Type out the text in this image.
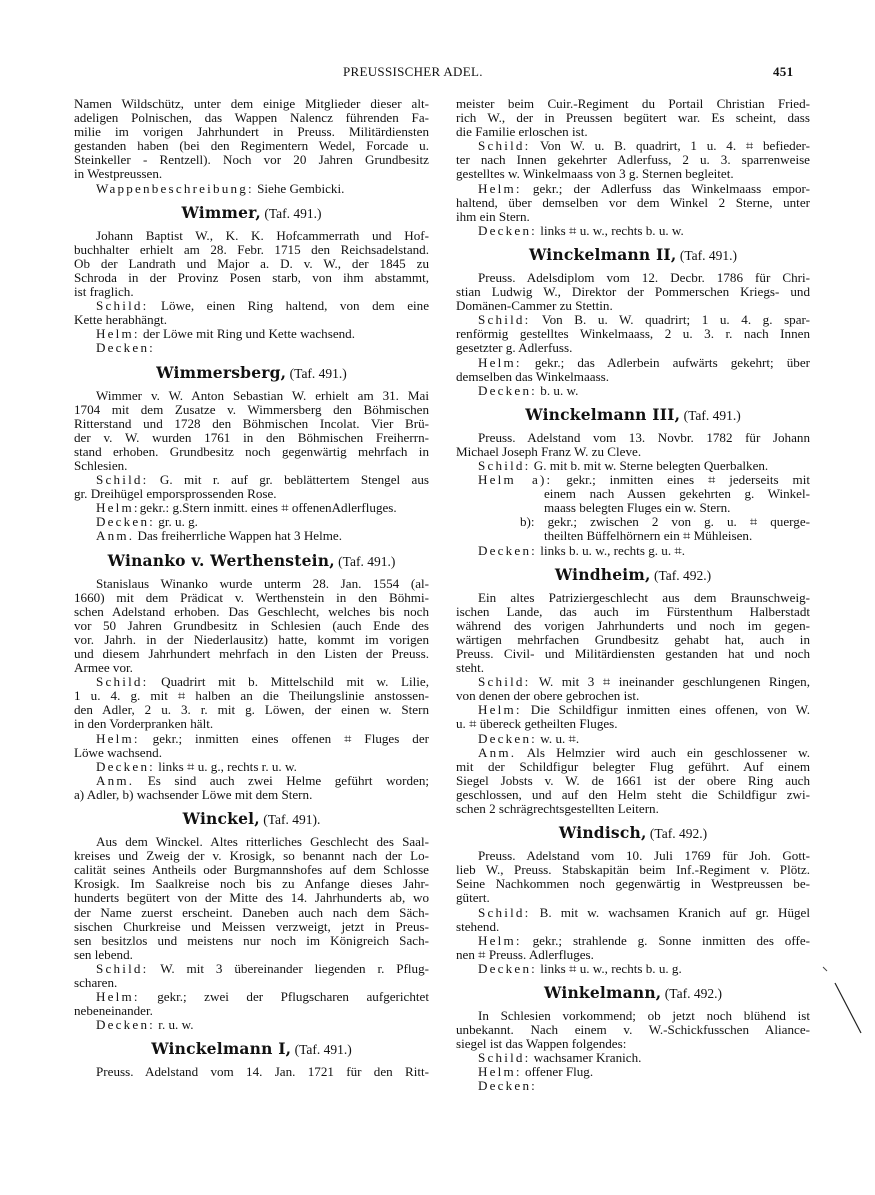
PREUSSISCHER ADEL.	451
Namen Wildschütz, unter dem einige Mitglieder dieser alt-
adeligen Polnischen, das Wappen Nalencz führenden Fa-
milie im vorigen Jahrhundert in Preuss. Militärdiensten
gestanden haben (bei den Regimentern Wedel, Forcade u.
Steinkeller - Rentzell). Noch vor 20 Jahren Grundbesitz
in Westpreussen.
Wappenbeschreibung: Siehe Gembicki.
Wimmer, (Taf. 491.)
Johann Baptist W., K. K. Hofcammerrath und Hof-
buchhalter erhielt am 28. Febr. 1715 den Reichsadelstand.
Ob der Landrath und Major a. D. v. W., der 1845 zu
Schroda in der Provinz Posen starb, von ihm abstammt,
ist fraglich.
Schild: Löwe, einen Ring haltend, von dem eine
Kette herabhängt.
Helm: der Löwe mit Ring und Kette wachsend.
Decken:
Wimmersberg, (Taf. 491.)
Wimmer v. W. Anton Sebastian W. erhielt am 31. Mai
1704 mit dem Zusatze v. Wimmersberg den Böhmischen
Ritterstand und 1728 den Böhmischen Incolat. Vier Brü-
der v. W. wurden 1761 in den Böhmischen Freiherrn-
stand erhoben. Grundbesitz noch gegenwärtig mehrfach in
Schlesien.
Schild: G. mit r. auf gr. beblättertem Stengel aus
gr. Dreihügel emporsprossenden Rose.
Helm:gekr.: g.Stern inmitt. eines ⌗ offenenAdlerfluges.
Decken: gr. u. g.
Anm. Das freiherrliche Wappen hat 3 Helme.
Winanko v. Werthenstein, (Taf. 491.)
Stanislaus Winanko wurde unterm 28. Jan. 1554 (al-
1660) mit dem Prädicat v. Werthenstein in den Böhmi-
schen Adelstand erhoben. Das Geschlecht, welches bis noch
vor 50 Jahren Grundbesitz in Schlesien (auch Ende des
vor. Jahrh. in der Niederlausitz) hatte, kommt im vorigen
und diesem Jahrhundert mehrfach in den Listen der Preuss.
Armee vor.
Schild: Quadrirt mit b. Mittelschild mit w. Lilie,
1 u. 4. g. mit ⌗ halben an die Theilungslinie anstossen-
den Adler, 2 u. 3. r. mit g. Löwen, der einen w. Stern
in den Vorderpranken hält.
Helm: gekr.; inmitten eines offenen ⌗ Fluges der
Löwe wachsend.
Decken: links ⌗ u. g., rechts r. u. w.
Anm. Es sind auch zwei Helme geführt worden;
a) Adler, b) wachsender Löwe mit dem Stern.
Winckel, (Taf. 491).
Aus dem Winckel. Altes ritterliches Geschlecht des Saal-
kreises und Zweig der v. Krosigk, so benannt nach der Lo-
calität seines Antheils oder Burgmannshofes auf dem Schlosse
Krosigk. Im Saalkreise noch bis zu Anfange dieses Jahr-
hunderts begütert von der Mitte des 14. Jahrhunderts ab, wo
der Name zuerst erscheint. Daneben auch nach dem Säch-
sischen Churkreise und Meissen verzweigt, jetzt in Preus-
sen besitzlos und meistens nur noch im Königreich Sach-
sen lebend.
Schild: W. mit 3 übereinander liegenden r. Pflug-
scharen.
Helm: gekr.; zwei der Pflugscharen aufgerichtet
nebeneinander.
Decken: r. u. w.
Winckelmann I, (Taf. 491.)
Preuss. Adelstand vom 14. Jan. 1721 für den Ritt-
meister beim Cuir.-Regiment du Portail Christian Fried-
rich W., der in Preussen begütert war. Es scheint, dass
die Familie erloschen ist.
Schild: Von W. u. B. quadrirt, 1 u. 4. ⌗ befieder-
ter nach Innen gekehrter Adlerfuss, 2 u. 3. sparrenweise
gestelltes w. Winkelmaass von 3 g. Sternen begleitet.
Helm: gekr.; der Adlerfuss das Winkelmaass empor-
haltend, über demselben vor dem Winkel 2 Sterne, unter
ihm ein Stern.
Decken: links ⌗ u. w., rechts b. u. w.
Winckelmann II, (Taf. 491.)
Preuss. Adelsdiplom vom 12. Decbr. 1786 für Chri-
stian Ludwig W., Direktor der Pommerschen Kriegs- und
Domänen-Cammer zu Stettin.
Schild: Von B. u. W. quadrirt; 1 u. 4. g. spar-
renförmig gestelltes Winkelmaass, 2 u. 3. r. nach Innen
gesetzter g. Adlerfuss.
Helm: gekr.; das Adlerbein aufwärts gekehrt; über
demselben das Winkelmaass.
Decken: b. u. w.
Winckelmann III, (Taf. 491.)
Preuss. Adelstand vom 13. Novbr. 1782 für Johann
Michael Joseph Franz W. zu Cleve.
Schild: G. mit b. mit w. Sterne belegten Querbalken.
Helm a): gekr.; inmitten eines ⌗ jederseits mit
einem nach Aussen gekehrten g. Winkel-
maass belegten Fluges ein w. Stern.
b): gekr.; zwischen 2 von g. u. ⌗ querge-
theilten Büffelhörnern ein ⌗ Mühleisen.
Decken: links b. u. w., rechts g. u. ⌗.
Windheim, (Taf. 492.)
Ein altes Patriziergeschlecht aus dem Braunschweig-
ischen Lande, das auch im Fürstenthum Halberstadt
während des vorigen Jahrhunderts und noch im gegen-
wärtigen mehrfachen Grundbesitz gehabt hat, auch in
Preuss. Civil- und Militärdiensten gestanden hat und noch
steht.
Schild: W. mit 3 ⌗ ineinander geschlungenen Ringen,
von denen der obere gebrochen ist.
Helm: Die Schildfigur inmitten eines offenen, von W.
u. ⌗ übereck getheilten Fluges.
Decken: w. u. ⌗.
Anm. Als Helmzier wird auch ein geschlossener w.
mit der Schildfigur belegter Flug geführt. Auf einem
Siegel Jobsts v. W. de 1661 ist der obere Ring auch
geschlossen, und auf den Helm steht die Schildfigur zwi-
schen 2 schrägrechtsgestellten Leitern.
Windisch, (Taf. 492.)
Preuss. Adelstand vom 10. Juli 1769 für Joh. Gott-
lieb W., Preuss. Stabskapitän beim Inf.-Regiment v. Plötz.
Seine Nachkommen noch gegenwärtig in Westpreussen be-
gütert.
Schild: B. mit w. wachsamen Kranich auf gr. Hügel
stehend.
Helm: gekr.; strahlende g. Sonne inmitten des offe-
nen ⌗ Preuss. Adlerfluges.
Decken: links ⌗ u. w., rechts b. u. g.
Winkelmann, (Taf. 492.)
In Schlesien vorkommend; ob jetzt noch blühend ist
unbekannt. Nach einem v. W.-Schickfusschen Aliance-
siegel ist das Wappen folgendes:
Schild: wachsamer Kranich.
Helm: offener Flug.
Decken:
